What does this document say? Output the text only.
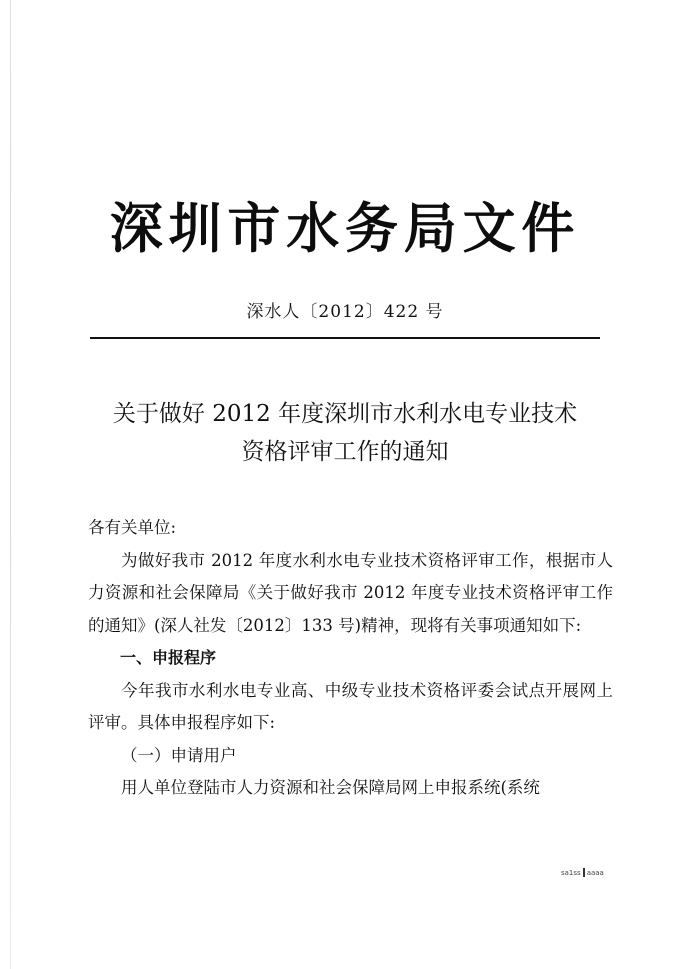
深圳市水务局文件
深水人〔2012〕422 号
关于做好 2012 年度深圳市水利水电专业技术
资格评审工作的通知

各有关单位:

为做好我市 2012 年度水利水电专业技术资格评审工作，根据市人力资源和社会保障局《关于做好我市 2012 年度专业技术资格评审工作的通知》(深人社发〔2012〕133 号)精神，现将有关事项通知如下:

一、申报程序

今年我市水利水电专业高、中级专业技术资格评委会试点开展网上评审。具体申报程序如下:

（一）申请用户

用人单位登陆市人力资源和社会保障局网上申报系统(系统

sa1ss aaaa
